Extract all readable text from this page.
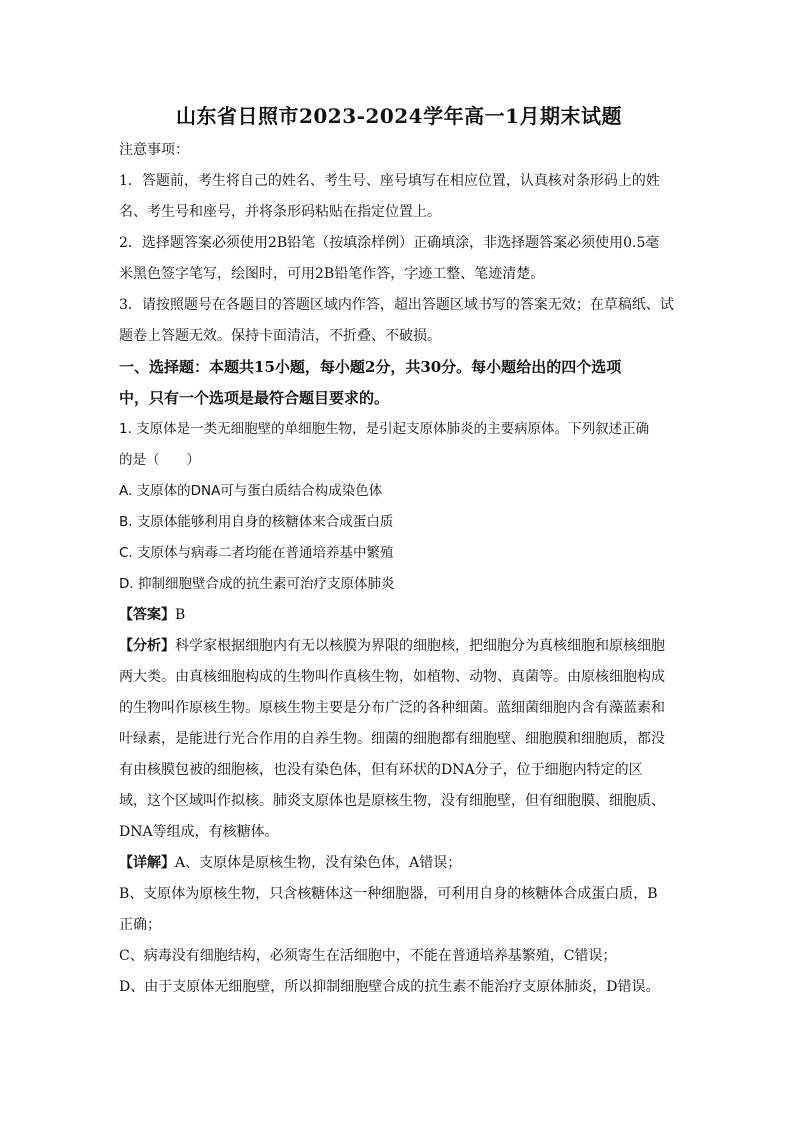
山东省日照市2023-2024学年高一1月期末试题

注意事项：

1．答题前，考生将自己的姓名、考生号、座号填写在相应位置，认真核对条形码上的姓

名、考生号和座号，并将条形码粘贴在指定位置上。

2．选择题答案必须使用2B铅笔（按填涂样例）正确填涂，非选择题答案必须使用0.5毫

米黑色签字笔写，绘图时，可用2B铅笔作答，字迹工整、笔迹清楚。

3．请按照题号在各题目的答题区域内作答，超出答题区域书写的答案无效；在草稿纸、试

题卷上答题无效。保持卡面清洁，不折叠、不破损。

一、选择题：本题共15小题，每小题2分，共30分。每小题给出的四个选项

中，只有一个选项是最符合题目要求的。

1. 支原体是一类无细胞壁的单细胞生物，是引起支原体肺炎的主要病原体。下列叙述正确

的是（　　）

A. 支原体的DNA可与蛋白质结合构成染色体

B. 支原体能够利用自身的核糖体来合成蛋白质

C. 支原体与病毒二者均能在普通培养基中繁殖

D. 抑制细胞壁合成的抗生素可治疗支原体肺炎

【答案】B

【分析】科学家根据细胞内有无以核膜为界限的细胞核，把细胞分为真核细胞和原核细胞

两大类。由真核细胞构成的生物叫作真核生物，如植物、动物、真菌等。由原核细胞构成

的生物叫作原核生物。原核生物主要是分布广泛的各种细菌。蓝细菌细胞内含有藻蓝素和

叶绿素，是能进行光合作用的自养生物。细菌的细胞都有细胞壁、细胞膜和细胞质，都没

有由核膜包被的细胞核，也没有染色体，但有环状的DNA分子，位于细胞内特定的区

域，这个区域叫作拟核。肺炎支原体也是原核生物，没有细胞壁，但有细胞膜、细胞质、

DNA等组成，有核糖体。

【详解】A、支原体是原核生物，没有染色体，A错误；

B、支原体为原核生物，只含核糖体这一种细胞器，可利用自身的核糖体合成蛋白质，B

正确；

C、病毒没有细胞结构，必须寄生在活细胞中，不能在普通培养基繁殖，C错误；

D、由于支原体无细胞壁，所以抑制细胞壁合成的抗生素不能治疗支原体肺炎，D错误。
